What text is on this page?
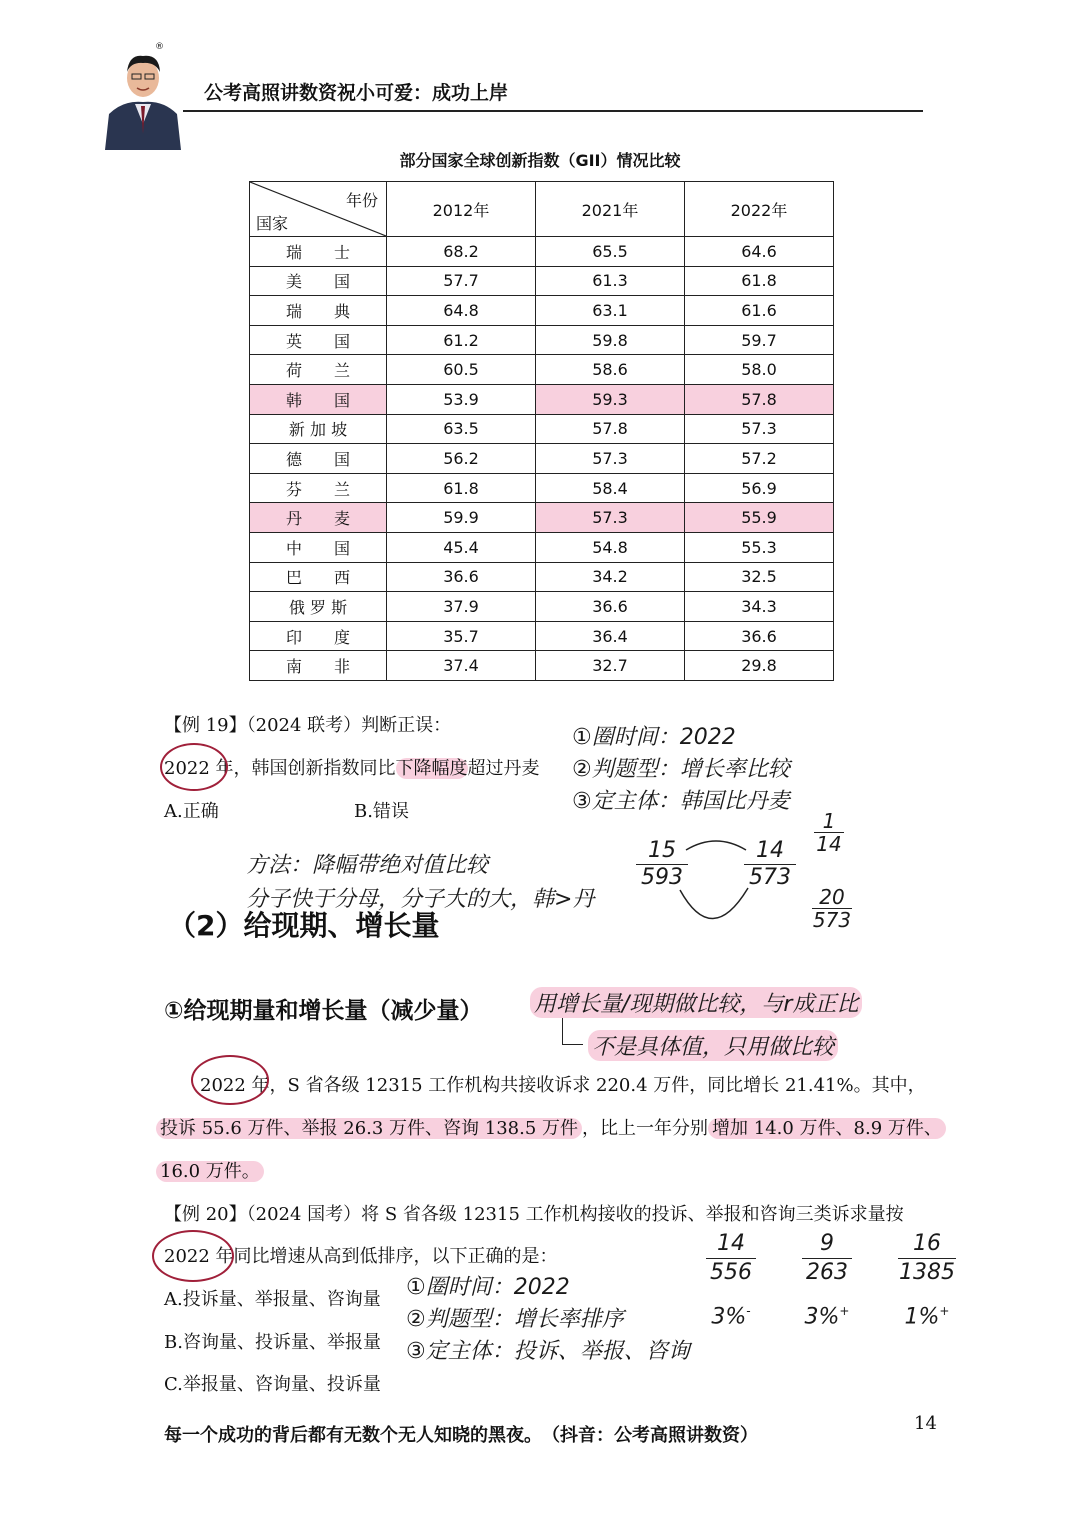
®
公考高照讲数资祝小可爱：成功上岸
部分国家全球创新指数（GII）情况比较
年份
国家	2012年	2021年	2022年
瑞　　士	68.2	65.5	64.6
美　　国	57.7	61.3	61.8
瑞　　典	64.8	63.1	61.6
英　　国	61.2	59.8	59.7
荷　　兰	60.5	58.6	58.0
韩　　国	53.9	59.3	57.8
新 加 坡	63.5	57.8	57.3
德　　国	56.2	57.3	57.2
芬　　兰	61.8	58.4	56.9
丹　　麦	59.9	57.3	55.9
中　　国	45.4	54.8	55.3
巴　　西	36.6	34.2	32.5
俄 罗 斯	37.9	36.6	34.3
印　　度	35.7	36.4	36.6
南　　非	37.4	32.7	29.8
【例 19】（2024 联考）判断正误：
2022 年，韩国创新指数同比下降幅度超过丹麦
A.正确	B.错误
①圈时间：2022
②判题型：增长率比较
③定主体：韩国比丹麦
方法：降幅带绝对值比较
分子快于分母，分子大的大，韩>丹
$\frac{15}{593}$	$\frac{14}{573}$
$\frac{1}{14}$
$\frac{20}{573}$
（2）给现期、增长量
①给现期量和增长量（减少量） 用增长量/现期做比较，与r成正比
不是具体值，只用做比较
2022 年，S 省各级 12315 工作机构共接收诉求 220.4 万件，同比增长 21.41%。其中，
投诉 55.6 万件、举报 26.3 万件、咨询 138.5 万件 ，比上一年分别 增加 14.0 万件、8.9 万件、
16.0 万件。
【例 20】（2024 国考）将 S 省各级 12315 工作机构接收的投诉、举报和咨询三类诉求量按
2022 年同比增速从高到低排序，以下正确的是：
A.投诉量、举报量、咨询量
B.咨询量、投诉量、举报量
C.举报量、咨询量、投诉量
①圈时间：2022
②判题型：增长率排序
③定主体：投诉、举报、咨询
14
556
3%-
9
263
3%+
16
1385
1%+
每一个成功的背后都有无数个无人知晓的黑夜。　（抖音：公考高照讲数资）
14
